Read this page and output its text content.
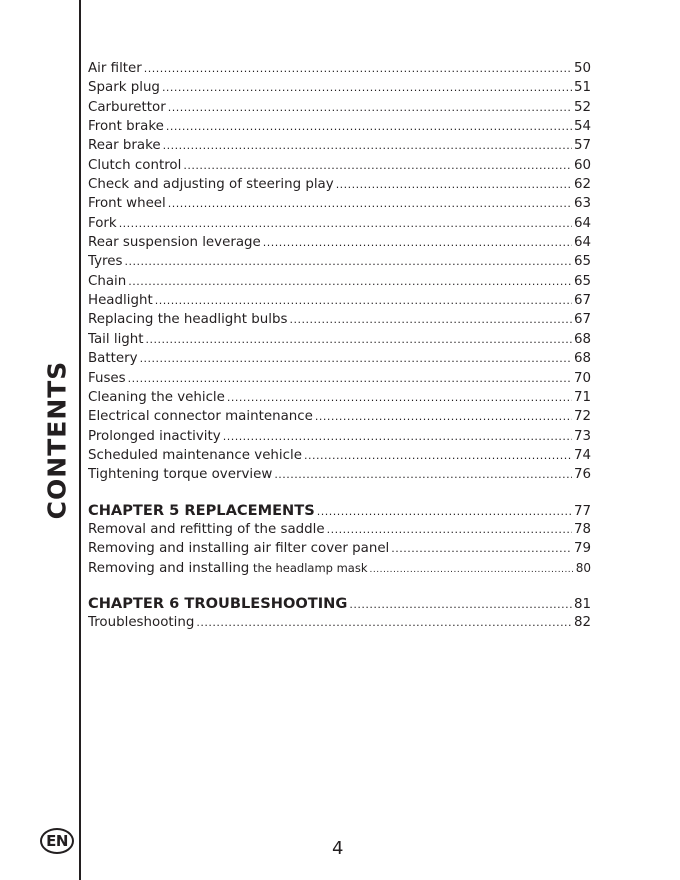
CONTENTS
Air filter .....	50
Spark plug .....	51
Carburettor .....	52
Front brake .....	54
Rear brake .....	57
Clutch control .....	60
Check and adjusting of steering play .....	62
Front wheel .....	63
Fork .....	64
Rear suspension leverage .....	64
Tyres .....	65
Chain .....	65
Headlight .....	67
Replacing the headlight bulbs .....	67
Tail light .....	68
Battery .....	68
Fuses .....	70
Cleaning the vehicle .....	71
Electrical connector maintenance .....	72
Prolonged inactivity .....	73
Scheduled maintenance vehicle .....	74
Tightening torque overview .....	76
CHAPTER 5 REPLACEMENTS .....	77
Removal and refitting of the saddle .....	78
Removing and installing air filter cover panel .....	79
Removing and installing the headlamp mask .....	80
CHAPTER 6 TROUBLESHOOTING .....	81
Troubleshooting .....	82
EN	4
